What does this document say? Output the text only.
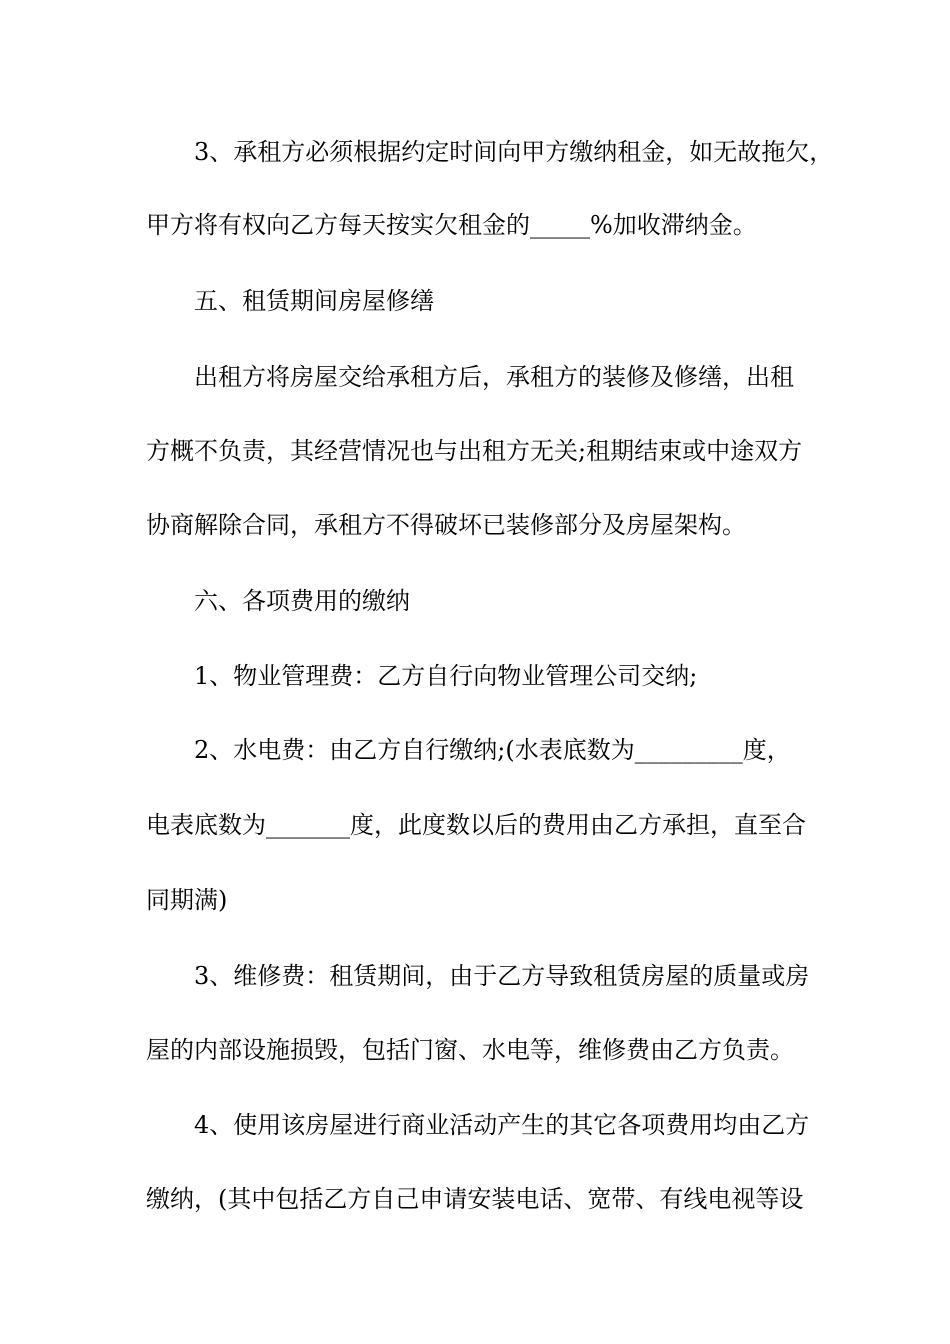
3、承租方必须根据约定时间向甲方缴纳租金，如无故拖欠，
甲方将有权向乙方每天按实欠租金的_____%加收滞纳金。
五、租赁期间房屋修缮
出租方将房屋交给承租方后，承租方的装修及修缮，出租
方概不负责，其经营情况也与出租方无关;租期结束或中途双方
协商解除合同，承租方不得破坏已装修部分及房屋架构。
六、各项费用的缴纳
1、物业管理费：乙方自行向物业管理公司交纳;
2、水电费：由乙方自行缴纳;(水表底数为_________度，
电表底数为_______度，此度数以后的费用由乙方承担，直至合
同期满)
3、维修费：租赁期间，由于乙方导致租赁房屋的质量或房
屋的内部设施损毁，包括门窗、水电等，维修费由乙方负责。
4、使用该房屋进行商业活动产生的其它各项费用均由乙方
缴纳，(其中包括乙方自己申请安装电话、宽带、有线电视等设
